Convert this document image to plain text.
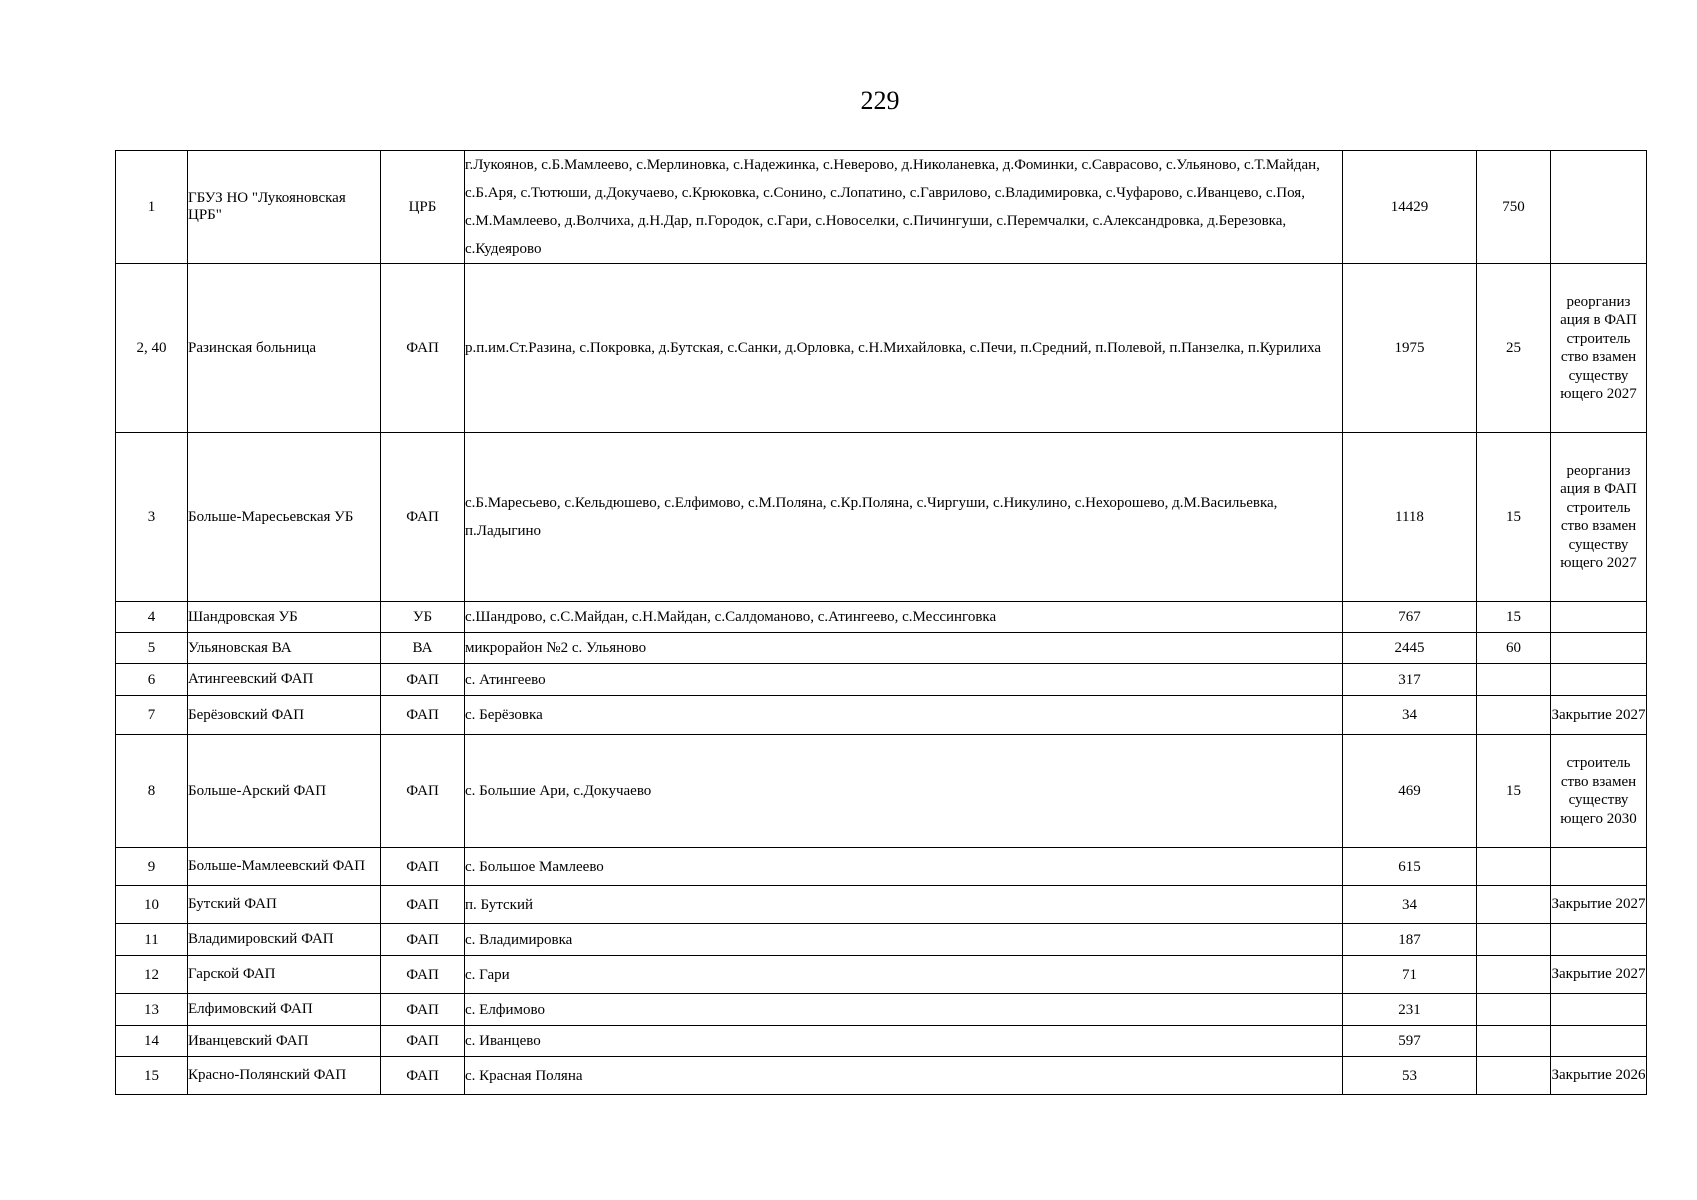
229
1	ГБУЗ НО "Лукояновская ЦРБ"	ЦРБ	г.Лукоянов, с.Б.Мамлеево, с.Мерлиновка, с.Надежинка, с.Неверово, д.Николаневка, д.Фоминки, с.Саврасово, с.Ульяново, с.Т.Майдан, с.Б.Аря, с.Тютюши, д.Докучаево, с.Крюковка, с.Сонино, с.Лопатино, с.Гаврилово, с.Владимировка, с.Чуфарово, с.Иванцево, с.Поя, с.М.Мамлеево, д.Волчиха, д.Н.Дар, п.Городок, с.Гари, с.Новоселки, с.Пичингуши, с.Перемчалки, с.Александровка, д.Березовка, с.Кудеярово	14429	750	
2, 40	Разинская больница	ФАП	р.п.им.Ст.Разина, с.Покровка, д.Бутская, с.Санки, д.Орловка, с.Н.Михайловка, с.Печи, п.Средний, п.Полевой, п.Панзелка, п.Курилиха	1975	25	реорганиз ация в ФАП строитель ство взамен существу ющего 2027
3	Больше-Маресьевская УБ	ФАП	с.Б.Маресьево, с.Кельдюшево, с.Елфимово, с.М.Поляна, с.Кр.Поляна, с.Чиргуши, с.Никулино, с.Нехорошево, д.М.Васильевка, п.Ладыгино	1118	15	реорганиз ация в ФАП строитель ство взамен существу ющего 2027
4	Шандровская УБ	УБ	с.Шандрово, с.С.Майдан, с.Н.Майдан, с.Салдоманово, с.Атингеево, с.Мессинговка	767	15	
5	Ульяновская ВА	ВА	микрорайон №2 с. Ульяново	2445	60	
6	Атингеевский ФАП	ФАП	с. Атингеево	317		
7	Берёзовский ФАП	ФАП	с. Берёзовка	34		Закрытие 2027
8	Больше-Арский ФАП	ФАП	с. Большие Ари, с.Докучаево	469	15	строитель ство взамен существу ющего 2030
9	Больше-Мамлеевский ФАП	ФАП	с. Большое Мамлеево	615		
10	Бутский ФАП	ФАП	п. Бутский	34		Закрытие 2027
11	Владимировский ФАП	ФАП	с. Владимировка	187		
12	Гарской ФАП	ФАП	с. Гари	71		Закрытие 2027
13	Елфимовский ФАП	ФАП	с. Елфимово	231		
14	Иванцевский ФАП	ФАП	с. Иванцево	597		
15	Красно-Полянский ФАП	ФАП	с. Красная Поляна	53		Закрытие 2026
